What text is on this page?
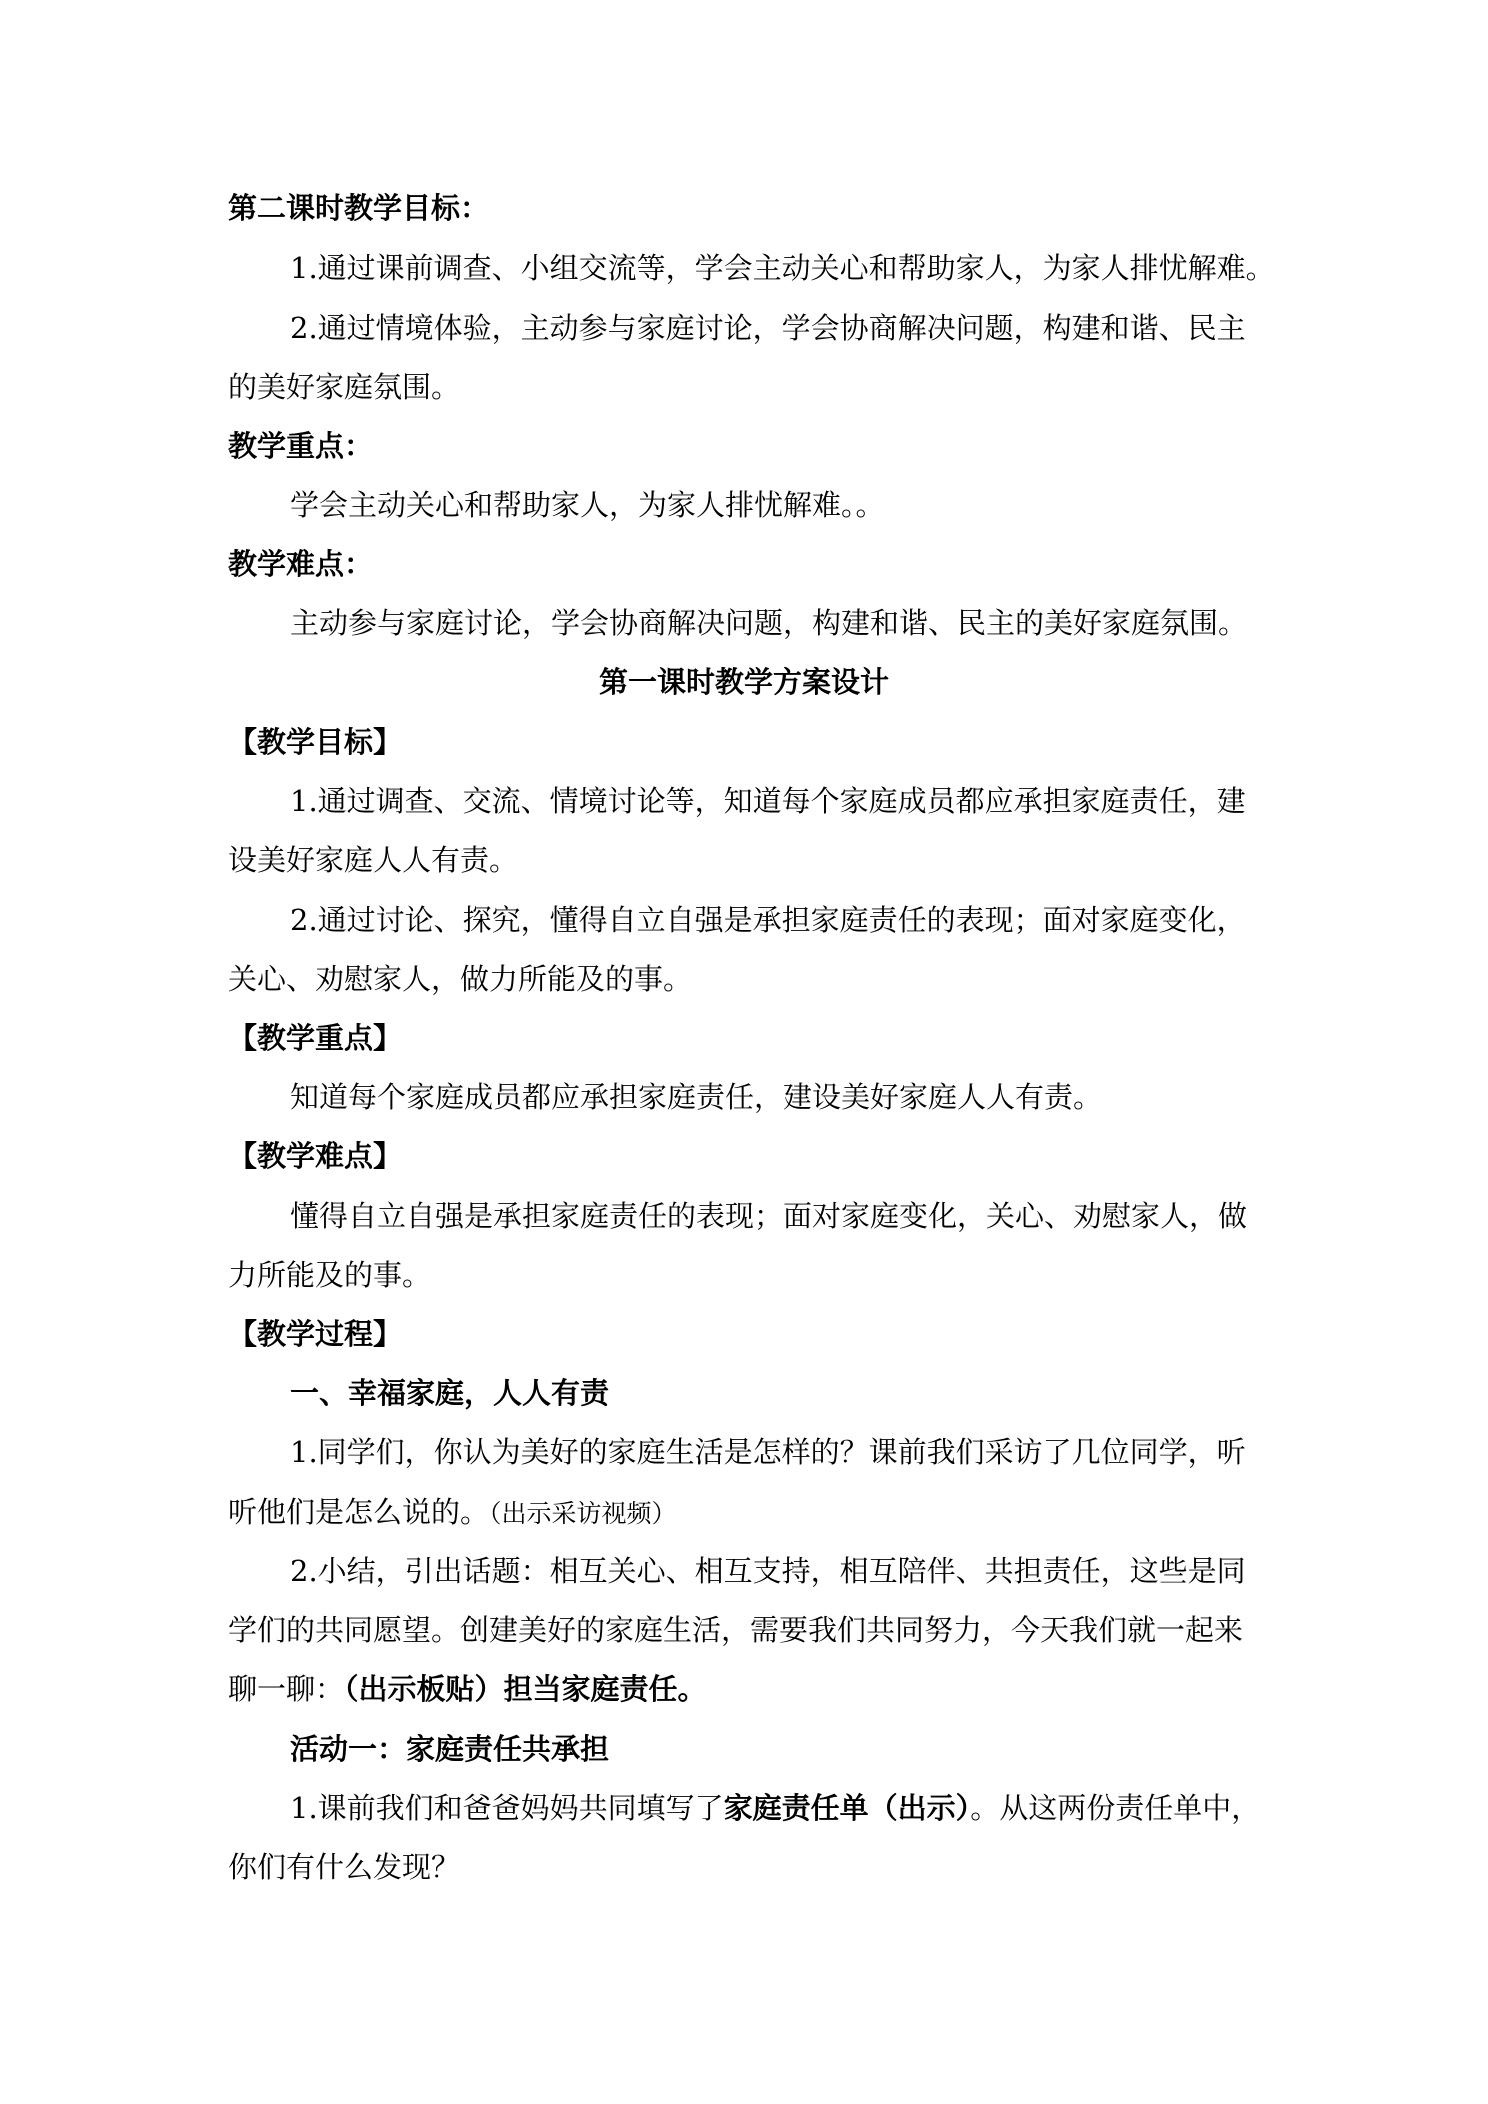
第二课时教学目标：
1.通过课前调查、小组交流等，学会主动关心和帮助家人，为家人排忧解难。
2.通过情境体验，主动参与家庭讨论，学会协商解决问题，构建和谐、民主
的美好家庭氛围。
教学重点：
学会主动关心和帮助家人，为家人排忧解难。。
教学难点：
主动参与家庭讨论，学会协商解决问题，构建和谐、民主的美好家庭氛围。
第一课时教学方案设计
【教学目标】
1.通过调查、交流、情境讨论等，知道每个家庭成员都应承担家庭责任，建
设美好家庭人人有责。
2.通过讨论、探究，懂得自立自强是承担家庭责任的表现；面对家庭变化，
关心、劝慰家人，做力所能及的事。
【教学重点】
知道每个家庭成员都应承担家庭责任，建设美好家庭人人有责。
【教学难点】
懂得自立自强是承担家庭责任的表现；面对家庭变化，关心、劝慰家人，做
力所能及的事。
【教学过程】
一、幸福家庭，人人有责
1.同学们，你认为美好的家庭生活是怎样的？课前我们采访了几位同学，听
听他们是怎么说的。（出示采访视频）
2.小结，引出话题：相互关心、相互支持，相互陪伴、共担责任，这些是同
学们的共同愿望。创建美好的家庭生活，需要我们共同努力，今天我们就一起来
聊一聊：（出示板贴）担当家庭责任。
活动一：家庭责任共承担
1.课前我们和爸爸妈妈共同填写了家庭责任单（出示）。从这两份责任单中，
你们有什么发现？
